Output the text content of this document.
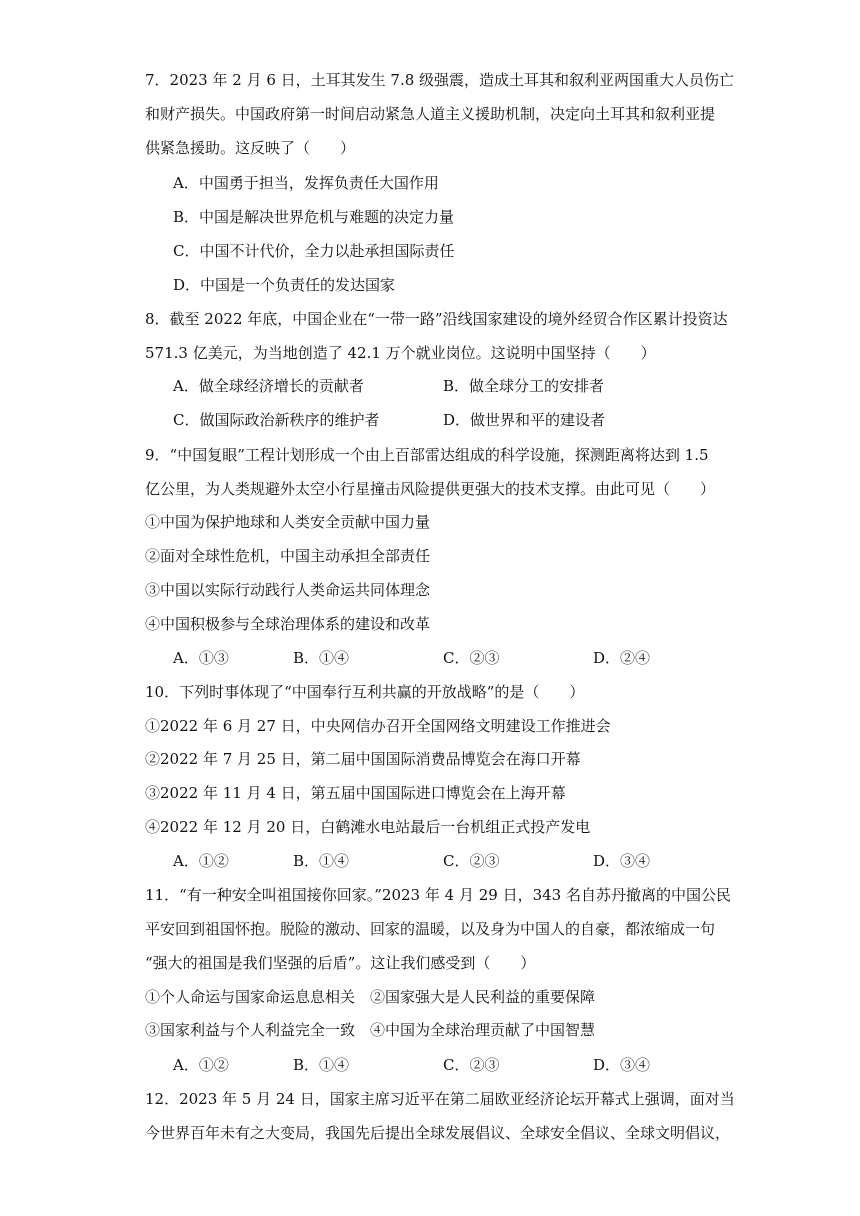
7．2023 年 2 月 6 日，土耳其发生 7.8 级强震，造成土耳其和叙利亚两国重大人员伤亡
和财产损失。中国政府第一时间启动紧急人道主义援助机制，决定向土耳其和叙利亚提
供紧急援助。这反映了（　　）
A．中国勇于担当，发挥负责任大国作用
B．中国是解决世界危机与难题的决定力量
C．中国不计代价，全力以赴承担国际责任
D．中国是一个负责任的发达国家
8．截至 2022 年底，中国企业在“一带一路”沿线国家建设的境外经贸合作区累计投资达
571.3 亿美元，为当地创造了 42.1 万个就业岗位。这说明中国坚持（　　）
A．做全球经济增长的贡献者	B．做全球分工的安排者
C．做国际政治新秩序的维护者	D．做世界和平的建设者
9．“中国复眼”工程计划形成一个由上百部雷达组成的科学设施，探测距离将达到 1.5
亿公里，为人类规避外太空小行星撞击风险提供更强大的技术支撑。由此可见（　　）
①中国为保护地球和人类安全贡献中国力量
②面对全球性危机，中国主动承担全部责任
③中国以实际行动践行人类命运共同体理念
④中国积极参与全球治理体系的建设和改革
A．①③	B．①④	C．②③	D．②④
10．下列时事体现了“中国奉行互利共赢的开放战略”的是（　　）
①2022 年 6 月 27 日，中央网信办召开全国网络文明建设工作推进会
②2022 年 7 月 25 日，第二届中国国际消费品博览会在海口开幕
③2022 年 11 月 4 日，第五届中国国际进口博览会在上海开幕
④2022 年 12 月 20 日，白鹤滩水电站最后一台机组正式投产发电
A．①②	B．①④	C．②③	D．③④
11．“有一种安全叫祖国接你回家。”2023 年 4 月 29 日，343 名自苏丹撤离的中国公民
平安回到祖国怀抱。脱险的激动、回家的温暖，以及身为中国人的自豪，都浓缩成一句
“强大的祖国是我们坚强的后盾”。这让我们感受到（　　）
①个人命运与国家命运息息相关　②国家强大是人民利益的重要保障
③国家利益与个人利益完全一致　④中国为全球治理贡献了中国智慧
A．①②	B．①④	C．②③	D．③④
12．2023 年 5 月 24 日，国家主席习近平在第二届欧亚经济论坛开幕式上强调，面对当
今世界百年未有之大变局，我国先后提出全球发展倡议、全球安全倡议、全球文明倡议，
